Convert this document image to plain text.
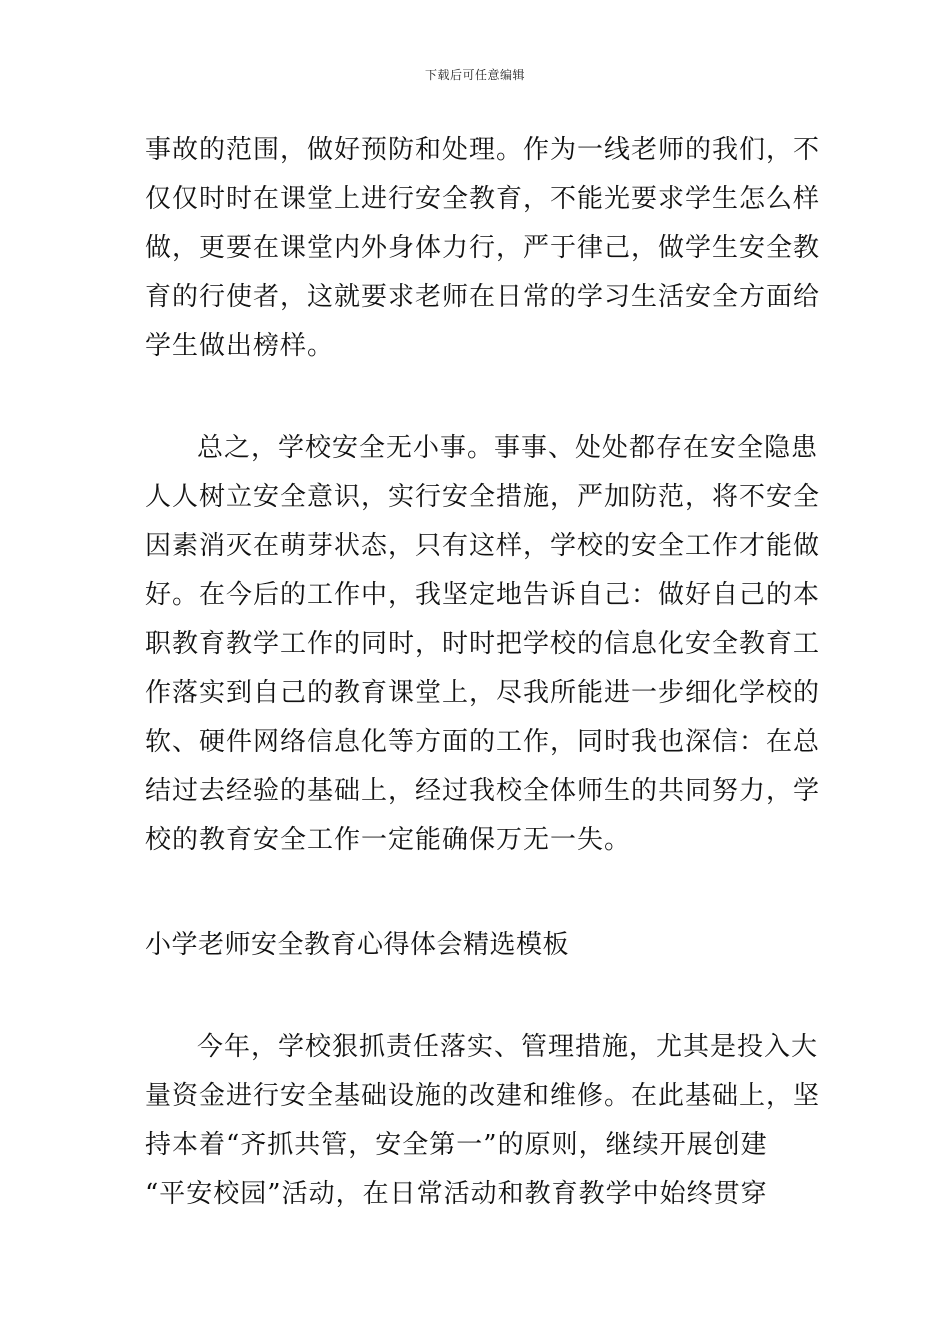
下载后可任意编辑
事故的范围，做好预防和处理。作为一线老师的我们，不
仅仅时时在课堂上进行安全教育，不能光要求学生怎么样
做，更要在课堂内外身体力行，严于律己，做学生安全教
育的行使者，这就要求老师在日常的学习生活安全方面给
学生做出榜样。
总之，学校安全无小事。事事、处处都存在安全隐患
人人树立安全意识，实行安全措施，严加防范，将不安全
因素消灭在萌芽状态，只有这样，学校的安全工作才能做
好。在今后的工作中，我坚定地告诉自己：做好自己的本
职教育教学工作的同时，时时把学校的信息化安全教育工
作落实到自己的教育课堂上，尽我所能进一步细化学校的
软、硬件网络信息化等方面的工作，同时我也深信：在总
结过去经验的基础上，经过我校全体师生的共同努力，学
校的教育安全工作一定能确保万无一失。
小学老师安全教育心得体会精选模板
今年，学校狠抓责任落实、管理措施，尤其是投入大
量资金进行安全基础设施的改建和维修。在此基础上，坚
持本着“齐抓共管，安全第一”的原则，继续开展创建
“平安校园”活动，在日常活动和教育教学中始终贯穿
